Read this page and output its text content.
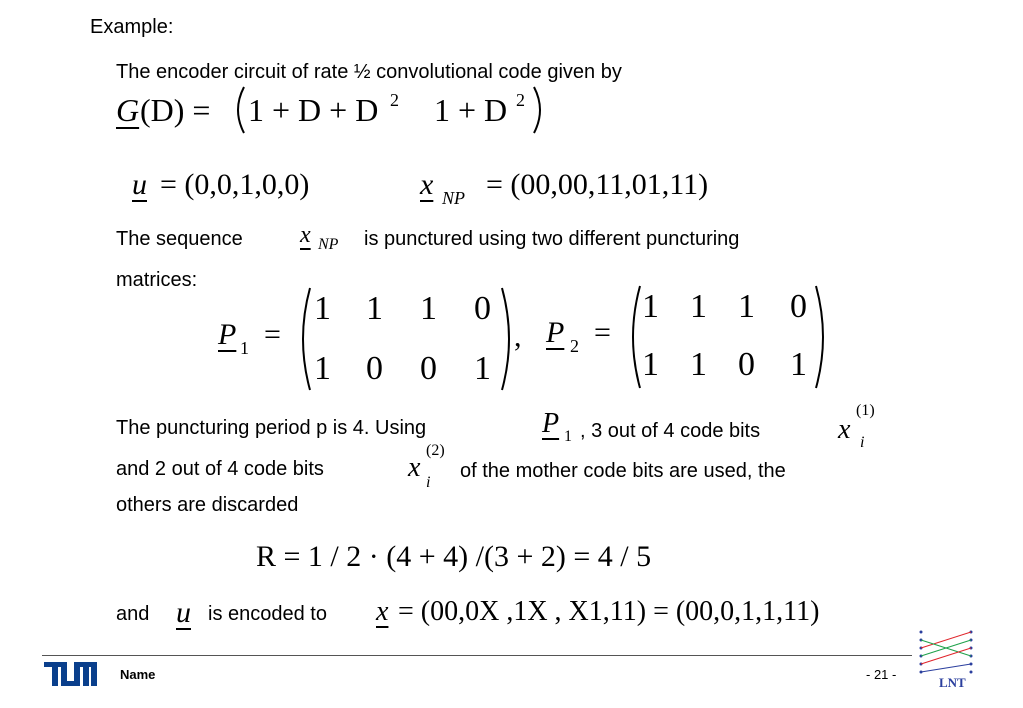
Example:
The encoder circuit of rate ½ convolutional code given by
G (D) = 1 + D + D 2 1 + D 2
u = (0,0,1,0,0)	x NP = (00,00,11,01,11)
The sequence x NP is punctured using two different puncturing
matrices:
P 1 =
1 1 1 0
1 0 0 1
, P 2 =
1 1 1 0
1 1 0 1
The puncturing period p is 4. Using	P 1 , 3 out of 4 code bits	x
(1)
i
and 2 out of 4 code bits	x
(2)
i
of the mother code bits are used, the
others are discarded
R = 1 / 2 · (4 + 4) /(3 + 2) = 4 / 5
and u is encoded to x = (00,0X ,1X , X1,11) = (00,0,1,1,11)
Name	- 21 -
LNT
